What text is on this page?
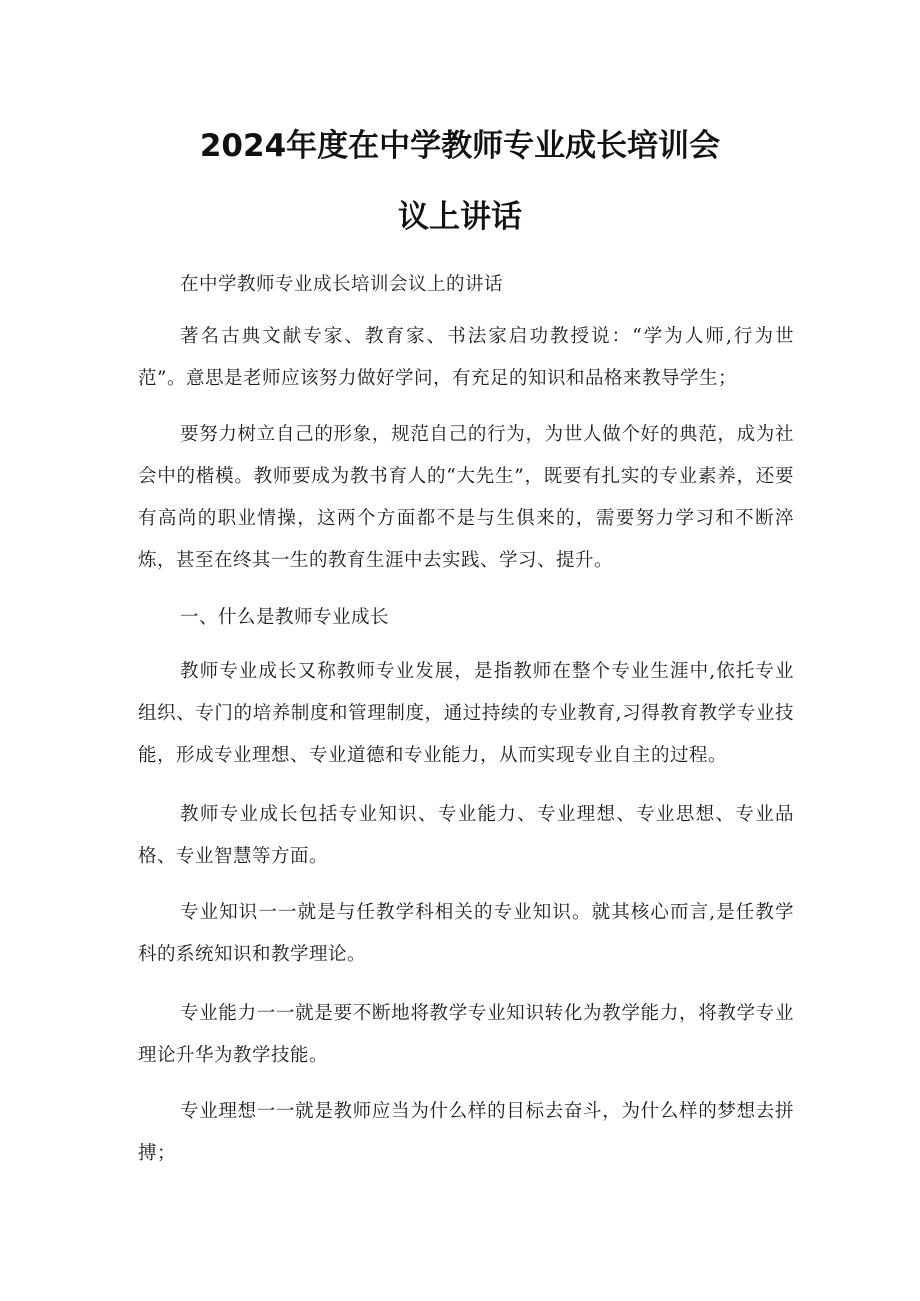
2024年度在中学教师专业成长培训会
议上讲话

在中学教师专业成长培训会议上的讲话

著名古典文献专家、教育家、书法家启功教授说：“学为人师,行为世范”。意思是老师应该努力做好学问，有充足的知识和品格来教导学生；

要努力树立自己的形象，规范自己的行为，为世人做个好的典范，成为社会中的楷模。教师要成为教书育人的“大先生”，既要有扎实的专业素养，还要有高尚的职业情操，这两个方面都不是与生俱来的，需要努力学习和不断淬炼，甚至在终其一生的教育生涯中去实践、学习、提升。

一、什么是教师专业成长

教师专业成长又称教师专业发展，是指教师在整个专业生涯中,依托专业组织、专门的培养制度和管理制度，通过持续的专业教育,习得教育教学专业技能，形成专业理想、专业道德和专业能力，从而实现专业自主的过程。

教师专业成长包括专业知识、专业能力、专业理想、专业思想、专业品格、专业智慧等方面。

专业知识一一就是与任教学科相关的专业知识。就其核心而言,是任教学科的系统知识和教学理论。

专业能力一一就是要不断地将教学专业知识转化为教学能力，将教学专业理论升华为教学技能。

专业理想一一就是教师应当为什么样的目标去奋斗，为什么样的梦想去拼搏；
